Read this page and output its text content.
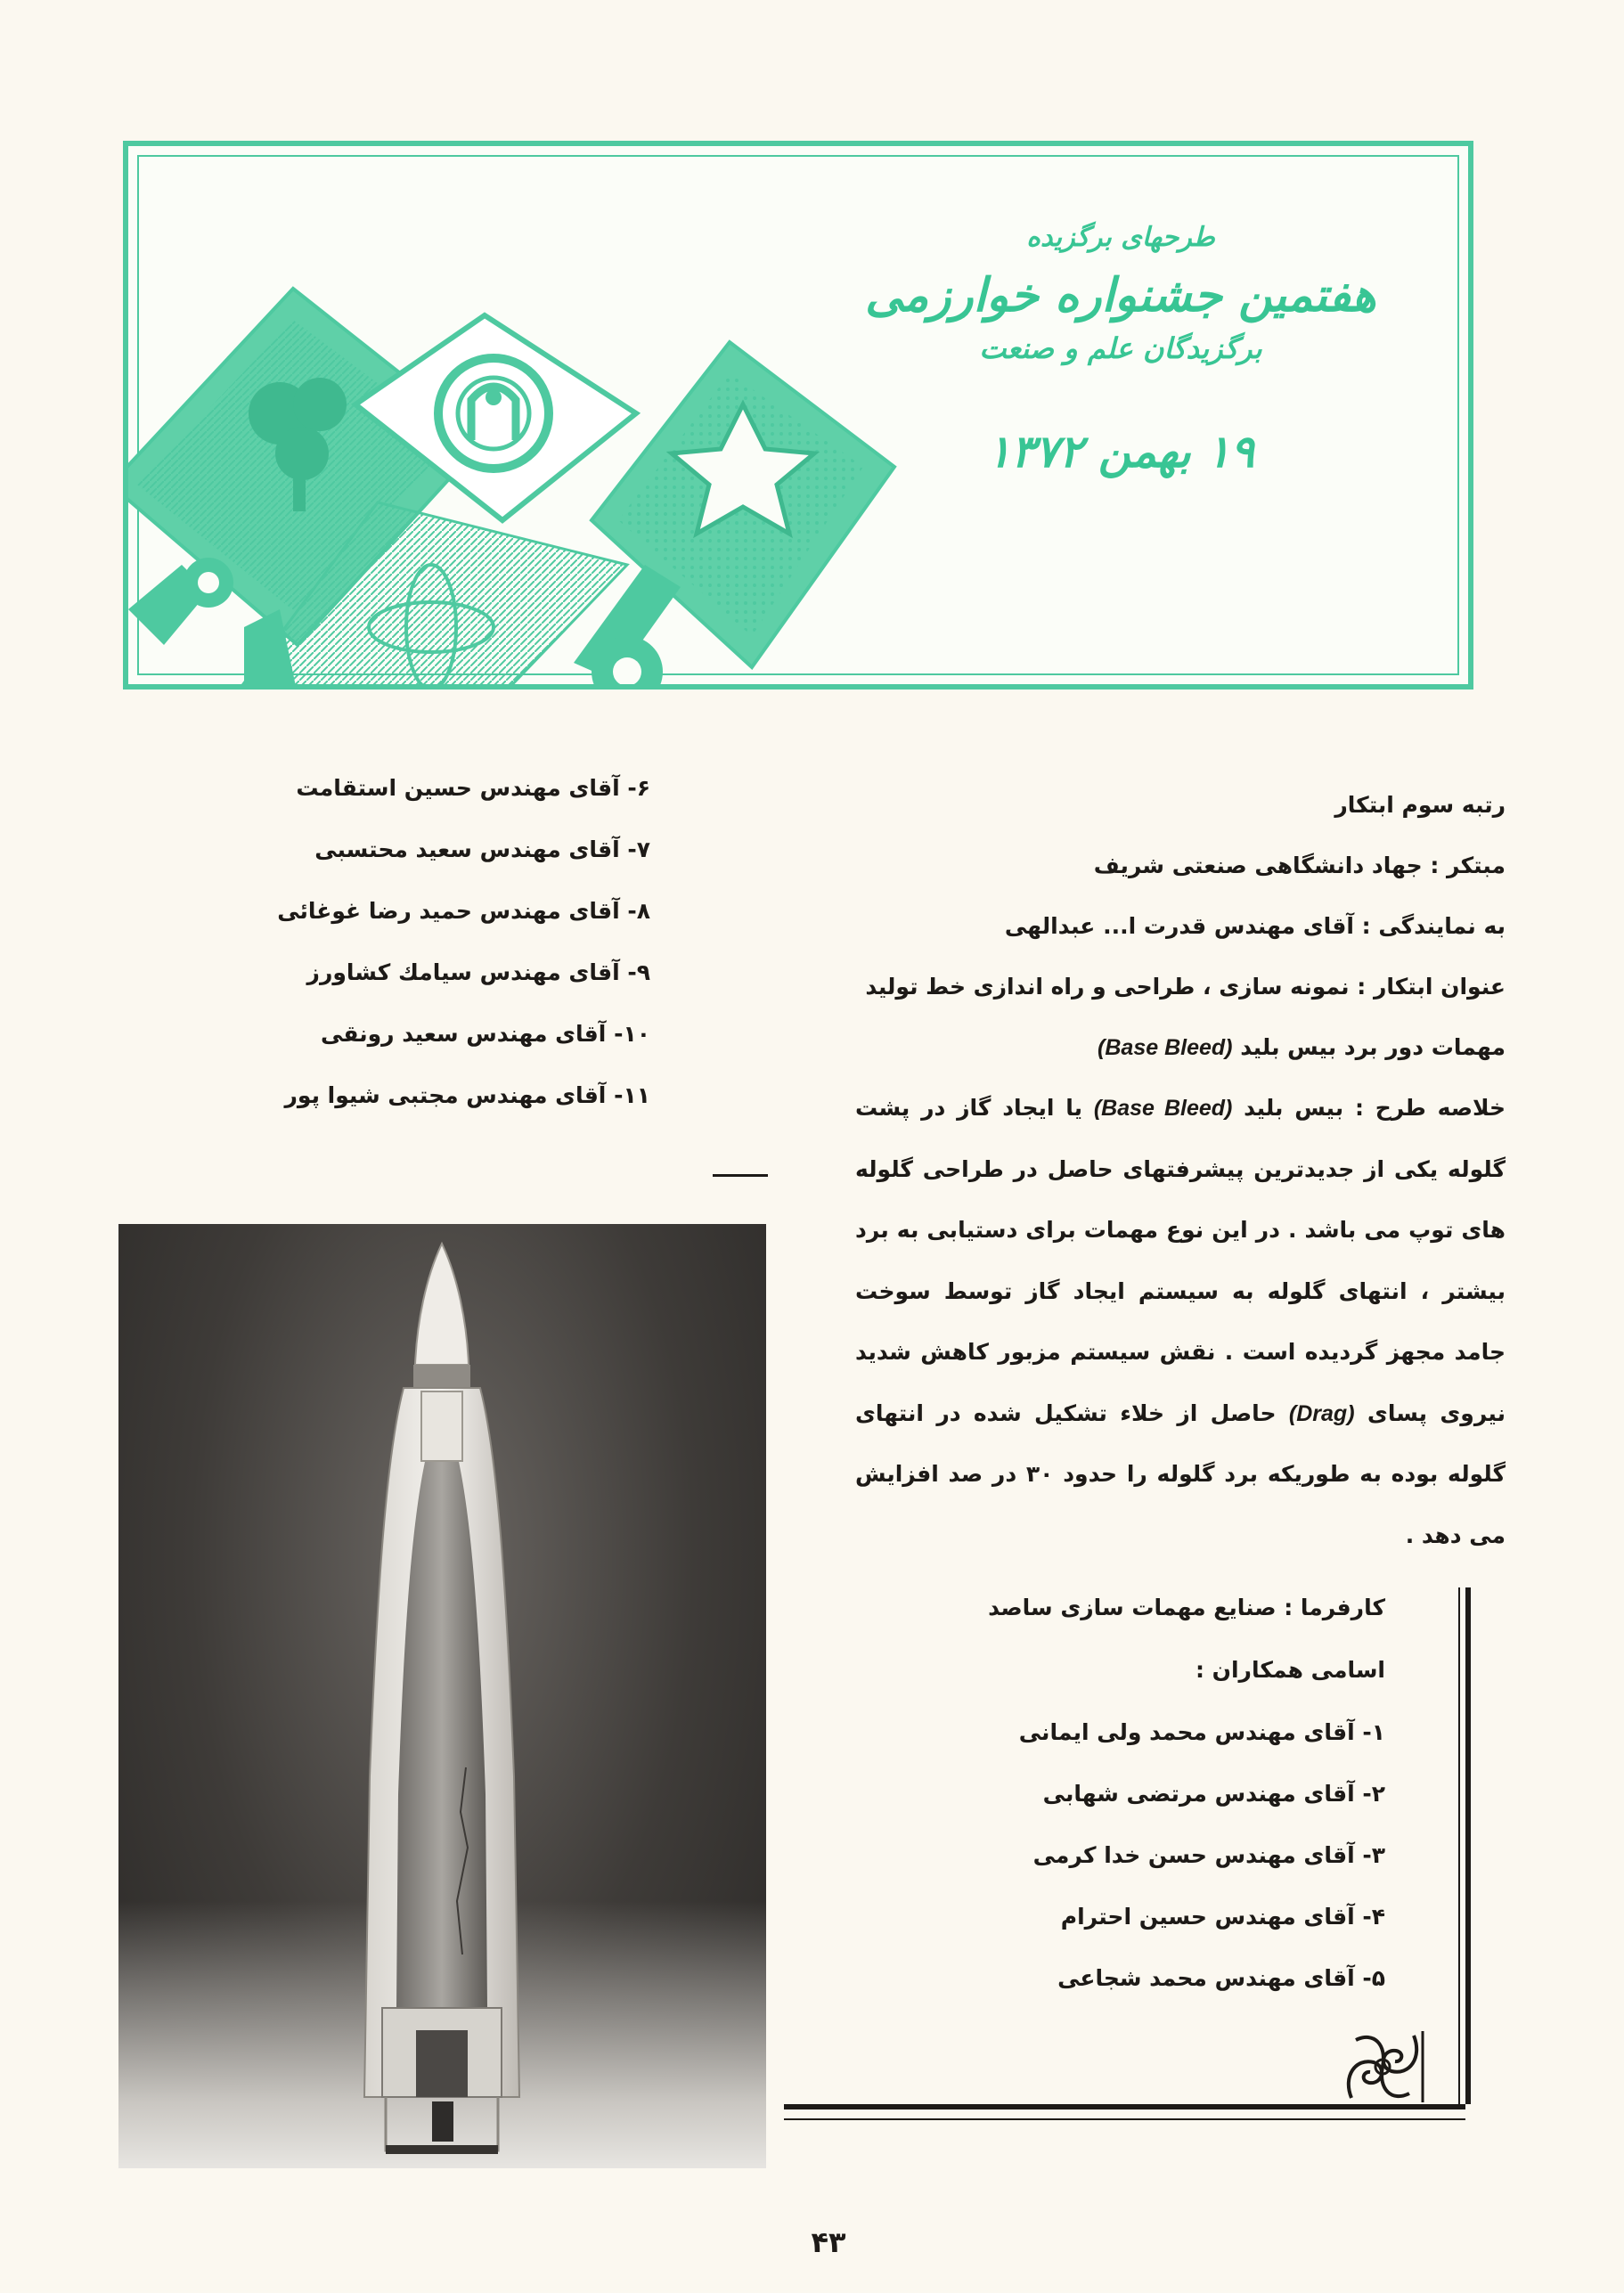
طرحهای برگزیده
هفتمین جشنواره خوارزمی
برگزیدگان علم و صنعت
۱۹ بهمن ۱۳۷۲

رتبه سوم ابتکار

مبتکر : جهاد دانشگاهی صنعتی شریف

به نمایندگی : آقای مهندس قدرت ا... عبدالهی

عنوان ابتکار : نمونه سازی ، طراحی و راه اندازی خط تولید

مهمات دور برد بیس بلید (Base Bleed)

خلاصه طرح : بیس بلید (Base Bleed) یا ایجاد گاز در پشت گلوله یکی از جدیدترین پیشرفتهای حاصل در طراحی گلوله های توپ می باشد . در این نوع مهمات برای دستیابی به برد بیشتر ، انتهای گلوله به سیستم ایجاد گاز توسط سوخت جامد مجهز گردیده است . نقش سیستم مزبور کاهش شدید نیروی پسای (Drag) حاصل از خلاء تشکیل شده در انتهای گلوله بوده به طوریکه برد گلوله را حدود ۳۰ در صد افزایش می دهد .

کارفرما : صنایع مهمات سازی ساصد

اسامی همکاران :

۱- آقای مهندس محمد ولی ایمانی

۲- آقای مهندس مرتضی شهابی

۳- آقای مهندس حسن خدا کرمی

۴- آقای مهندس حسین احترام

۵- آقای مهندس محمد شجاعی

۶- آقای مهندس حسین استقامت

۷- آقای مهندس سعید محتسبی

۸- آقای مهندس حمید رضا غوغائی

۹- آقای مهندس سیامك كشاورز

۱۰- آقای مهندس سعید رونقی

۱۱- آقای مهندس مجتبی شیوا پور

۴۳
